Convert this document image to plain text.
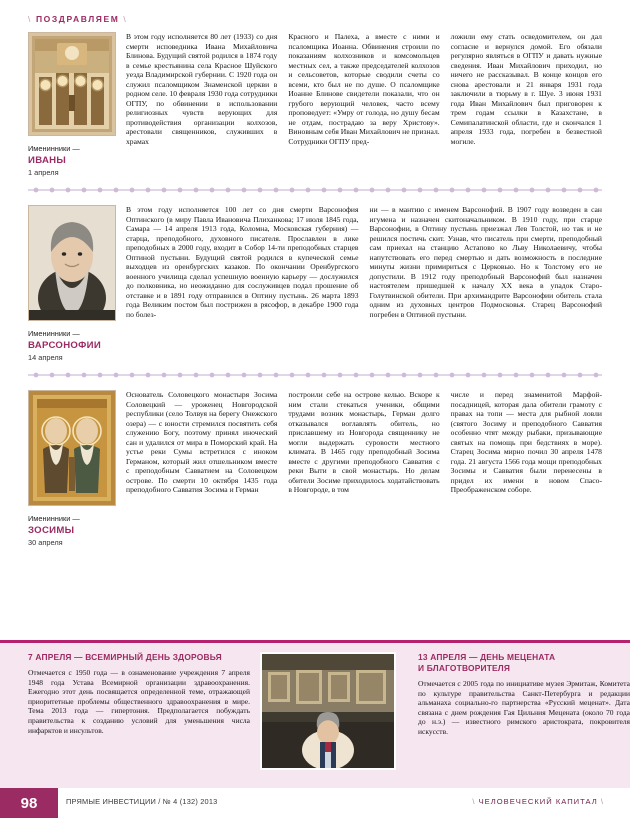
\ ПОЗДРАВЛЯЕМ \
Именинники —
ИВАНЫ
1 апреля
В этом году исполняется 80 лет (1933) со дня смерти исповедника Ивана Михайловича Блинова. Будущий святой родился в 1874 году в семье крестьянина села Красное Шуйского уезда Владимирской губернии. С 1920 года он служил псаломщиком Знаменской церкви в родном селе. 10 февраля 1930 года сотрудники ОГПУ, по обвинении в использовании религиозных чувств верующих для противодействия организации колхозов, арестовали священников, служивших в храмах
Красного и Палеха, а вместе с ними и псаломщика Иоанна. Обвинения строили по показаниям колхозников и комсомольцев местных сел, а также председателей колхозов и сельсоветов, которые сводили счеты со всеми, кто был не по душе. О псаломщике Иоанне Блинове свидетели показали, что он грубого верующий человек, часто всему проповедует: «Умру от голода, но душу бесам не отдам, пострадаю за веру Христову». Виновным себя Иван Михайлович не признал. Сотрудники ОГПУ пред-
ложили ему стать осведомителем, он дал согласие и вернулся домой. Его обязали регулярно являться в ОГПУ и давать нужные сведения. Иван Михайлович приходил, но ничего не рассказывал. В конце концов его снова арестовали и 21 января 1931 года заключили в тюрьму в г. Шуе. 3 июня 1931 года Иван Михайлович был приговорен к трем годам ссылки в Казахстане, в Семипалатинской области, где и скончался 1 апреля 1933 года, погребен в безвестной могиле.
Именинники —
ВАРСОНОФИИ
14 апреля
В этом году исполняется 100 лет со дня смерти Варсонофия Оптинского (в миру Павла Ивановича Плиханкова; 17 июля 1845 года, Самара — 14 апреля 1913 года, Коломна, Московская губерния) — старца, преподобного, духовного писателя. Прославлен в лике преподобных в 2000 году, входит в Собор 14-ти преподобных старцев Оптиной пустыни. Будущий святой родился в купеческой семье выходцев из оренбургских казаков. По окончании Оренбургского военного училища сделал успешную военную карьеру — дослужился до полковника, но неожиданно для сослуживцев подал прошение об отставке и в 1891 году отправился в Оптину пустынь. 26 марта 1893 года Великим постом был пострижен в рясофор, в декабре 1900 года по болез-
ни — в мантию с именем Варсонофий. В 1907 году возведен в сан игумена и назначен скитоначальником. В 1910 году, при старце Варсонофии, в Оптину пустынь приезжал Лев Толстой, но так и не решился постичь скит. Узнав, что писатель при смерти, преподобный сам приехал на станцию Астапово ко Льву Николаевичу, чтобы напутствовать его перед смертью и дать возможность в последние минуты жизни примириться с Церковью. Но к Толстому его не допустили. В 1912 году преподобный Варсонофий был назначен настоятелем пришедшей к началу XX века в упадок Старо-Голутвинской обители. При архимандрите Варсонофии обитель стала одним из духовных центров Подмосковья. Старец Варсонофий погребен в Оптиной пустыни.
Именинники —
ЗОСИМЫ
30 апреля
Основатель Соловецкого монастыря Зосима Соловецкий — уроженец Новгородской республики (село Толвуя на берегу Онежского озера) — с юности стремился посвятить себя служению Богу, поэтому принял иноческий сан и удалился от мира в Поморский край. На устье реки Сумы встретился с иноком Германом, который жил отшельником вместе с преподобным Савватием на Соловецком острове. По смерти 10 октября 1435 года преподобного Савватия Зосима и Герман
построили себе на острове келью. Вскоре к ним стали стекаться ученики, общими трудами возник монастырь, Герман долго отказывался воглавлять обитель, но приславшему из Новгорода священнику не могли выдержать суровости местного климата. В 1465 году преподобный Зосима вместе с другими преподобного Савватия с реки Выти в свой монастырь. Но делам обители Зосиме приходилось ходатайствовать в Новгороде, в том
числе и перед знаменитой Марфой-посадницей, которая дала обители грамоту с правах на топи — места для рыбной ловли (святого Зосиму и преподобного Савватия особенно чтят между рыбаки, призывающие святых на помощь при бедствиях в море). Старец Зосима мирно почил 30 апреля 1478 года. 21 августа 1566 года мощи преподобных Зосимы и Савватия были перенесены в придел их имени в новом Спасо-Преображенском соборе.
7 АПРЕЛЯ — ВСЕМИРНЫЙ ДЕНЬ ЗДОРОВЬЯ
Отмечается с 1950 года — в ознаменование учреждения 7 апреля 1948 года Устава Всемирной организации здравоохранения. Ежегодно этот день посвящается определенной теме, отражающей приоритетные проблемы общественного здравоохранения в мире. Тема 2013 года — гипертония. Предполагается побуждать правительства к созданию условий для уменьшения числа инфарктов и инсультов.
13 АПРЕЛЯ — ДЕНЬ МЕЦЕНАТА
И БЛАГОТВОРИТЕЛЯ
Отмечается с 2005 года по инициативе музея Эрмитаж, Комитета по культуре правительства Санкт-Петербурга и редакции альманаха социально-го партнерства «Русский меценат». Дата связана с днем рождения Гая Цильния Мецената (около 70 года до н.э.) — известного римского аристократа, покровителя искусств.
98	ПРЯМЫЕ ИНВЕСТИЦИИ / № 4 (132) 2013	\ ЧЕЛОВЕЧЕСКИЙ КАПИТАЛ \
